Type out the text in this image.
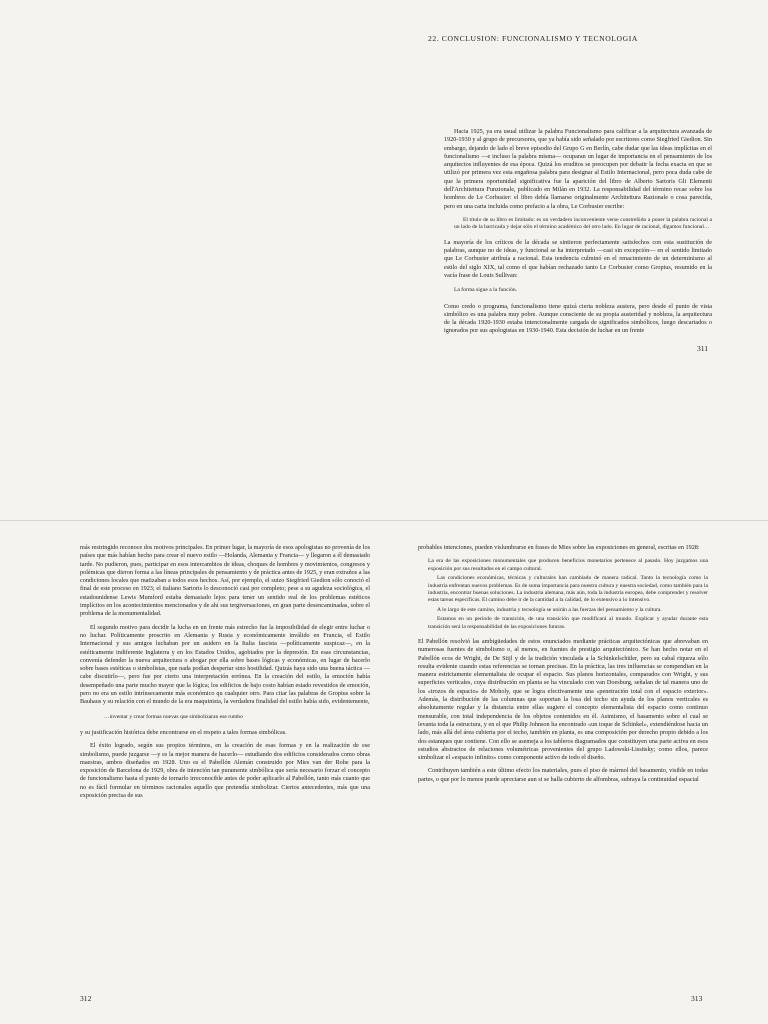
22. CONCLUSION: FUNCIONALISMO Y TECNOLOGIA

Hacia 1925, ya era usual utilizar la palabra Funcionalismo para calificar a la arquitectura avanzada de 1920-1930 y al grupo de precursores, que ya había sido señalado por escritores como Siegfried Giedion. Sin embargo, dejando de lado el breve episodio del Grupo G en Berlín, cabe dudar que las ideas implícitas en el funcionalismo —e incluso la palabra misma— ocuparan un lugar de importancia en el pensamiento de los arquitectos influyentes de esa época. Quizá los eruditos se preocupen por debatir la fecha exacta en que se utilizó por primera vez esta engañosa palabra para designar al Estilo Internacional, pero poca duda cabe de que la primera oportunidad significativa fue la aparición del libro de Alberto Sartoris Gli Elementi dell'Architettura Funzionale, publicado en Milán en 1932. La responsabilidad del término recae sobre los hombros de Le Corbusier: el libro debía llamarse originalmente Architettura Razionale o cosa parecida, pero en una carta incluida como prefacio a la obra, Le Corbusier escribe:

El título de su libro es limitado: es un verdadero inconveniente verse constreñido a poner la palabra racional a un lado de la barricada y dejar sólo el término académico del otro lado. En lugar de racional, digamos funcional…

La mayoría de los críticos de la década se sintieron perfectamente satisfechos con esta sustitución de palabras, aunque no de ideas, y funcional se ha interpretado —casi sin excepción— en el sentido limitado que Le Corbusier atribuía a racional. Esta tendencia culminó en el renacimiento de un determinismo al estilo del siglo XIX, tal como el que habían rechazado tanto Le Corbusier como Gropius, resumido en la vacía frase de Louis Sullivan:

La forma sigue a la función.

Como credo o programa, funcionalismo tiene quizá cierta nobleza austera, pero desde el punto de vista simbólico es una palabra muy pobre. Aunque consciente de su propia austeridad y nobleza, la arquitectura de la década 1920-1930 estaba intencionalmente cargada de significados simbólicos, luego descartados o ignorados por sus apologistas en 1930-1940. Esta decisión de luchar en un frente

311

más restringido reconoce dos motivos principales. En primer lugar, la mayoría de esos apologistas no provenía de los países que más habían hecho para crear el nuevo estilo —Holanda, Alemania y Francia— y llegaron a él demasiado tarde. No pudieron, pues, participar en esos intercambios de ideas, choques de hombres y movimientos, congresos y polémicas que dieron forma a las líneas principales de pensamiento y de práctica antes de 1925, y eran extraños a las condiciones locales que matizaban a todos esos hechos. Así, por ejemplo, el suizo Siegfried Giedion sólo conoció el final de este proceso en 1923; el italiano Sartoris lo desconoció casi por completo; pese a su agudeza sociológica, el estadounidense Lewis Mumford estaba demasiado lejos para tener un sentido real de los problemas estéticos implícitos en los acontecimientos mencionados y de ahí sus tergiversaciones, en gran parte desencaminadas, sobre el problema de la monumentalidad.

El segundo motivo para decidir la lucha en un frente más estrecho fue la imposibilidad de elegir entre luchar o no luchar. Políticamente proscrito en Alemania y Rusia y económicamente inválido en Francia, el Estilo Internacional y sus amigos luchaban por un asidero en la Italia fascista —políticamente suspicaz—, en la estéticamente indiferente Inglaterra y en los Estados Unidos, agobiados por la depresión. En esas circunstancias, convenía defender la nueva arquitectura o abogar por ella sobre bases lógicas y económicas, en lugar de hacerlo sobre bases estéticas o simbolistas, que nada podían despertar sino hostilidad. Quizás haya sido una buena táctica —cabe discutirlo—, pero fue por cierto una interpretación errónea. En la creación del estilo, la emoción había desempeñado una parte mucho mayor que la lógica; los edificios de bajo costo habían estado revestidos de emoción, pero no era un estilo intrínsecamente más económico qu cualquier otro. Para citar las palabras de Gropius sobre la Bauhaus y su relación con el mundo de la era maquinista, la verdadera finalidad del estilo había sido, evidentemente,

…inventar y crear formas nuevas que simbolizaran ese rumbo

y su justificación histórica debe encontrarse en el respeto a tales formas simbólicas.

El éxito logrado, según sus propios términos, en la creación de esas formas y en la realización de ese simbolismo, puede juzgarse —y es la mejor manera de hacerlo— estudiando dos edificios considerados como obras maestras, ambos diseñados en 1928. Uno es el Pabellón Alemán construido por Mies van der Rohe para la exposición de Barcelona de 1929, obra de intención tan puramente simbólica que sería necesario forzar el concepto de funcionalismo hasta el punto de tornarlo irreconocible antes de poder aplicarlo al Pabellón, tanto más cuanto que no es fácil formular en términos racionales aquello que pretendía simbolizar. Ciertos antecedentes, más que una exposición precisa de sus

312

probables intenciones, pueden vislumbrarse en frases de Mies sobre las exposiciones en general, escritas en 1928:

La era de las exposiciones monumentales que producen beneficios monetarios pertenece al pasado. Hoy juzgamos una exposición por sus resultados en el campo cultural.

Las condiciones económicas, técnicas y culturales han cambiado de manera radical. Tanto la tecnología como la industria enfrentan nuevos problemas. Es de suma importancia para nuestra cultura y nuestra sociedad, como también para la industria, encontrar buenas soluciones. La industria alemana, más aún, toda la industria europea, debe comprender y resolver estas tareas específicas. El camino debe ir de la cantidad a la calidad, de lo extensivo a lo intensivo.

A lo largo de este camino, industria y tecnología se unirán a las fuerzas del pensamiento y la cultura.

Estamos en un período de transición, de una transición que modificará al mundo. Explicar y ayudar durante esta transición será la responsabilidad de las exposiciones futuras.

El Pabellón resolvió las ambigüedades de estos enunciados mediante prácticas arquitectónicas que abrevaban en numerosas fuentes de simbolismo o, al menos, en fuentes de prestigio arquitectónico. Se han hecho notar en el Pabellón ecos de Wright, de De Stijl y de la tradición vinculada a la Schinkelschüler, pero su cabal riqueza sólo resulta evidente cuando estas referencias se tornan precisas. En la práctica, las tres influencias se compendian en la manera estrictamente elementalista de ocupar el espacio. Sus planos horizontales, comparados con Wright, y sus superficies verticales, cuya distribución en planta se ha vinculado con van Doesburg, señalan de tal manera uno de los «trozos de espacio» de Moholy, que se logra efectivamente una «penetración total con el espacio exterior». Además, la distribución de las columnas que soportan la losa del techo sin ayuda de los planos verticales es absolutamente regular y la distancia entre ellas sugiere el concepto elementalista del espacio como continuo mensurable, con total independencia de los objetos contenidos en él. Asimismo, el basamento sobre el cual se levanta toda la estructura, y en el que Philip Johnson ha encontrado «un toque de Schinkel», extendiéndose hacia un lado, más allá del área cubierta por el techo, también en planta, es una composición por derecho propio debido a los dos estanques que contiene. Con ello se asemeja a los tableros diagramados que constituyen una parte activa en esos estudios abstractos de relaciones volumétricas provenientes del grupo Ladowski-Lissitsky; como ellos, parece simbolizar el «espacio infinito» como componente activo de todo el diseño.

Contribuyen también a este último efecto los materiales, pues el piso de mármol del basamento, visible en todas partes, o que por lo menos puede apreciarse aun si se halla cubierto de alfombras, subraya la continuidad espacial

313
